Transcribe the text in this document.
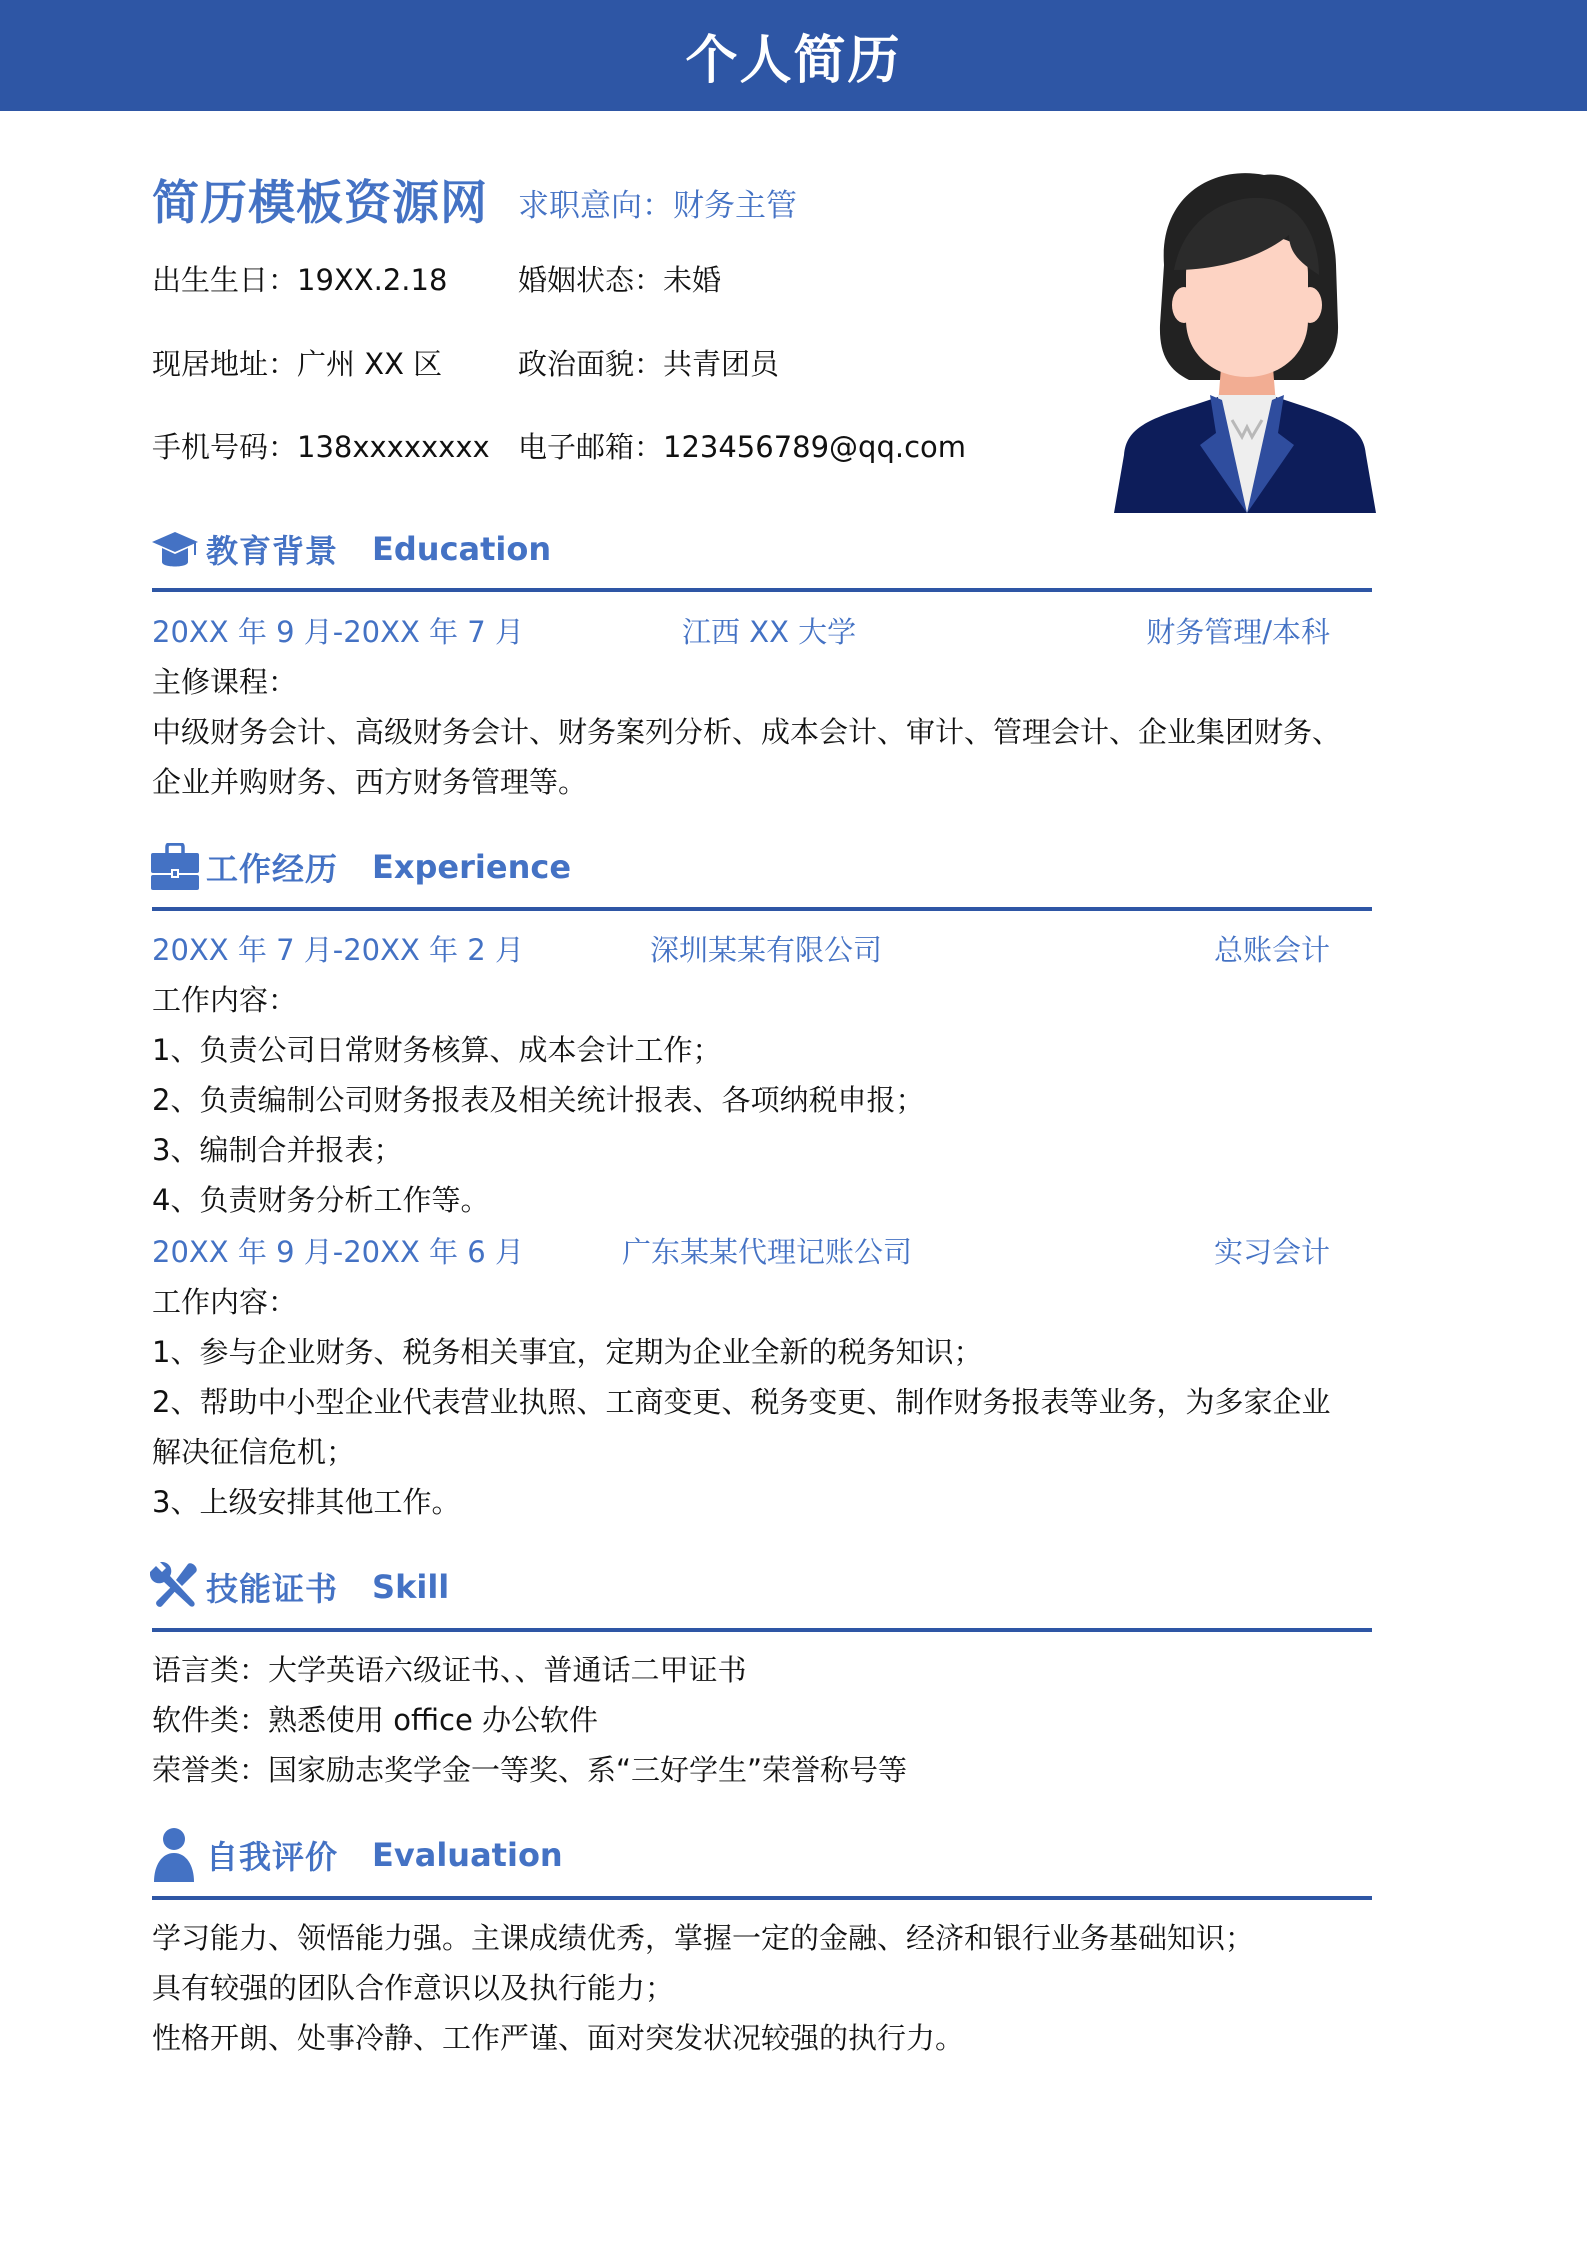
个人简历
简历模板资源网 求职意向：财务主管
出生生日：19XX.2.18 婚姻状态：未婚
现居地址：广州 XX 区	政治面貌：共青团员
手机号码：138xxxxxxxx 电子邮箱：123456789@qq.com
教育背景 Education
20XX 年 9 月-20XX 年 7 月	江西 XX 大学	财务管理/本科
主修课程：
中级财务会计、高级财务会计、财务案列分析、成本会计、审计、管理会计、企业集团财务、
企业并购财务、西方财务管理等。
工作经历 Experience
20XX 年 7 月-20XX 年 2 月	深圳某某有限公司	总账会计
工作内容：
1、负责公司日常财务核算、成本会计工作；
2、负责编制公司财务报表及相关统计报表、各项纳税申报；
3、编制合并报表；
4、负责财务分析工作等。
20XX 年 9 月-20XX 年 6 月	广东某某代理记账公司	实习会计
工作内容：
1、参与企业财务、税务相关事宜，定期为企业全新的税务知识；
2、帮助中小型企业代表营业执照、工商变更、税务变更、制作财务报表等业务，为多家企业
解决征信危机；
3、上级安排其他工作。
技能证书 Skill
语言类：大学英语六级证书、、普通话二甲证书
软件类：熟悉使用 office 办公软件
荣誉类：国家励志奖学金一等奖、系“三好学生”荣誉称号等
自我评价 Evaluation
学习能力、领悟能力强。主课成绩优秀，掌握一定的金融、经济和银行业务基础知识；
具有较强的团队合作意识以及执行能力；
性格开朗、处事冷静、工作严谨、面对突发状况较强的执行力。
